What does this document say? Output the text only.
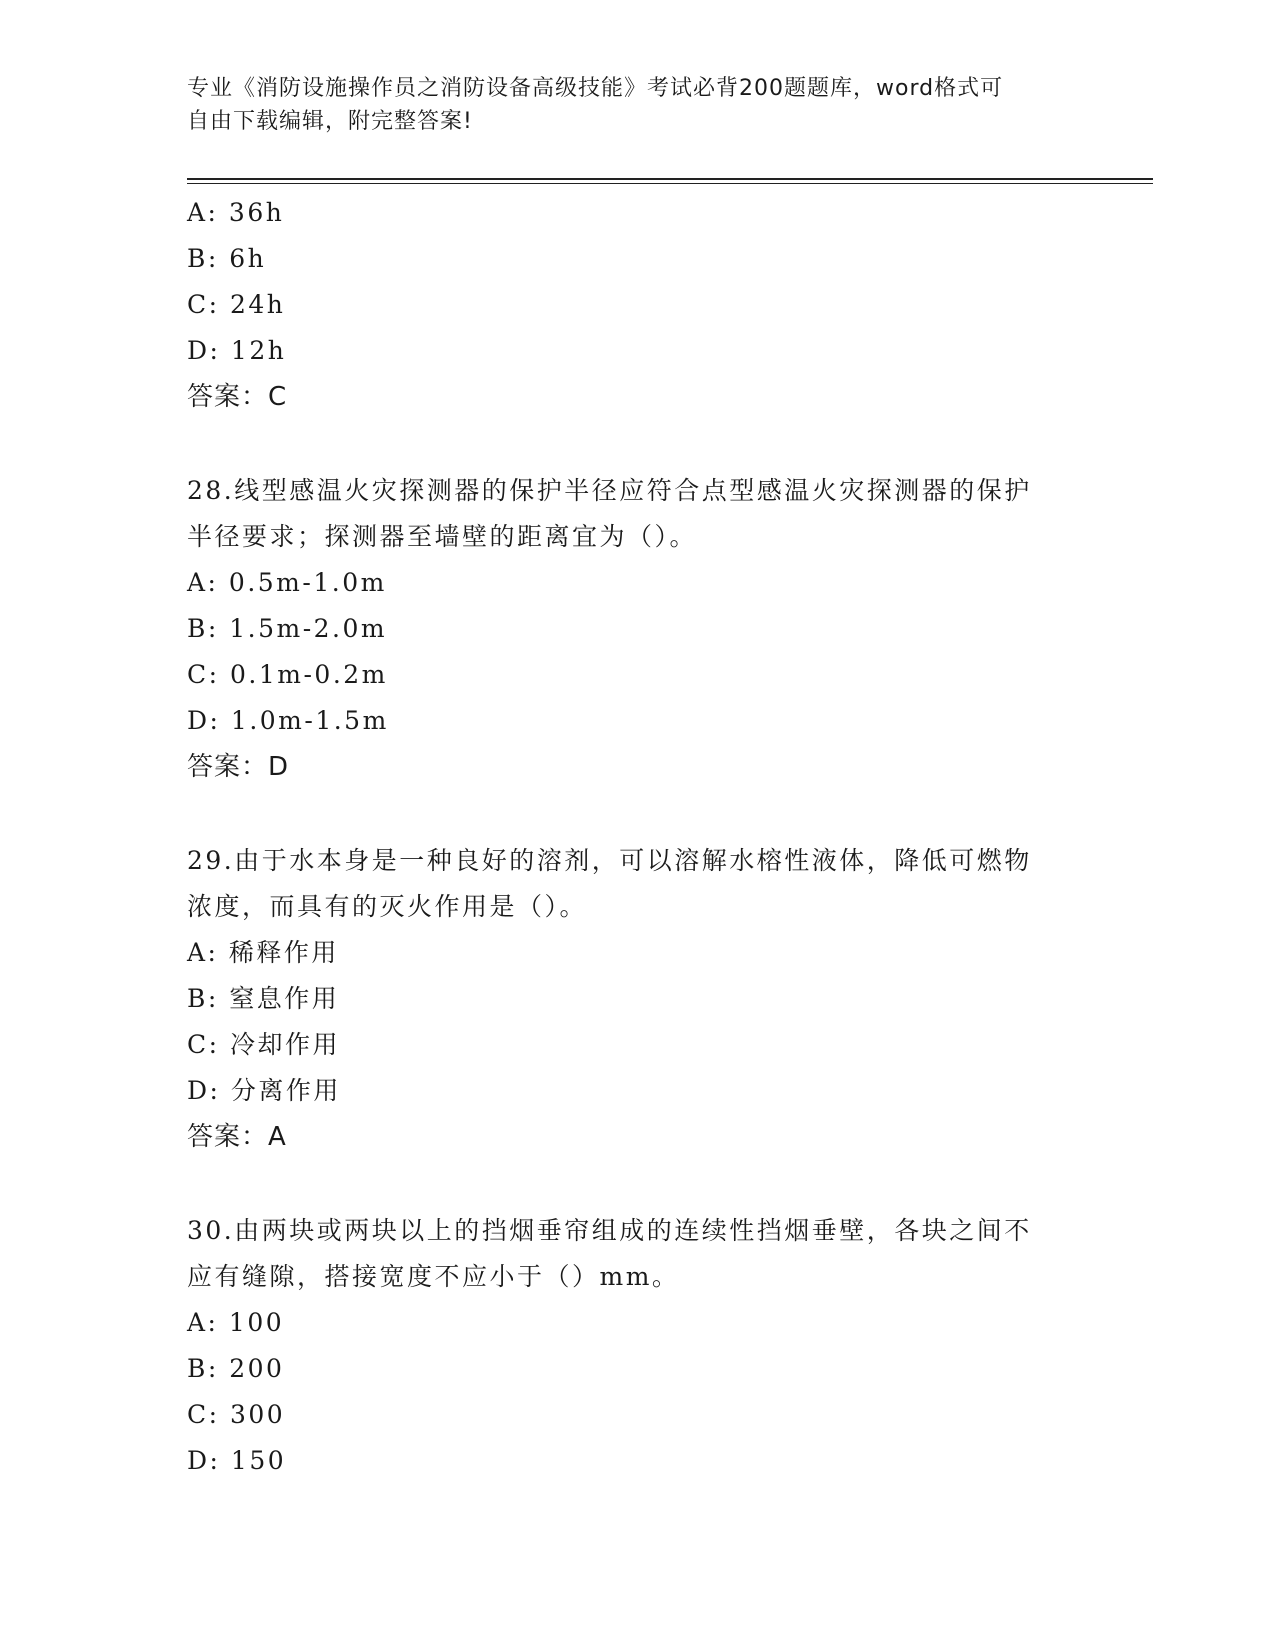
专业《消防设施操作员之消防设备高级技能》考试必背200题题库，word格式可
自由下载编辑，附完整答案!
A: 36h
B: 6h
C: 24h
D: 12h
答案：C
28.线型感温火灾探测器的保护半径应符合点型感温火灾探测器的保护
半径要求；探测器至墙壁的距离宜为（）。
A: 0.5m-1.0m
B: 1.5m-2.0m
C: 0.1m-0.2m
D: 1.0m-1.5m
答案：D
29.由于水本身是一种良好的溶剂，可以溶解水榕性液体，降低可燃物
浓度，而具有的灭火作用是（）。
A: 稀释作用
B: 窒息作用
C: 冷却作用
D: 分离作用
答案：A
30.由两块或两块以上的挡烟垂帘组成的连续性挡烟垂壁，各块之间不
应有缝隙，搭接宽度不应小于（）mm。
A: 100
B: 200
C: 300
D: 150
